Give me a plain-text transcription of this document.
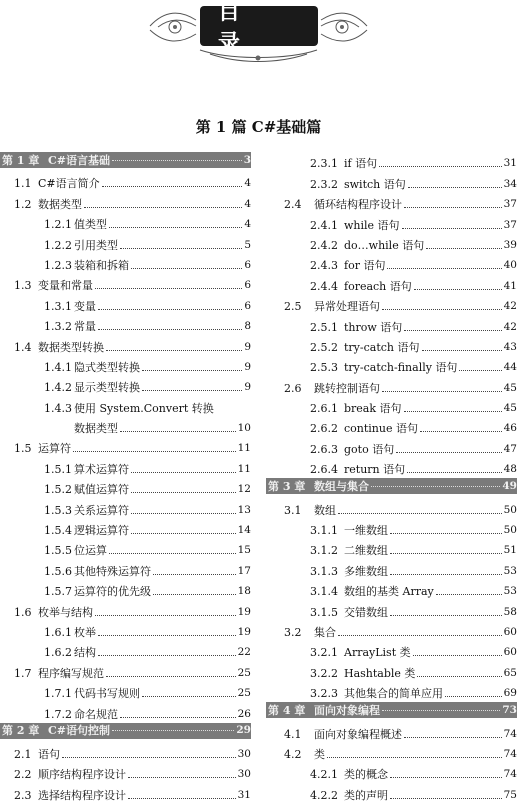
目 录
第 1 篇 C#基础篇
第 1 章 C#语言基础	3
1.1 C#语言简介	4
1.2 数据类型	4
1.2.1 值类型	4
1.2.2 引用类型	5
1.2.3 装箱和拆箱	6
1.3 变量和常量	6
1.3.1 变量	6
1.3.2 常量	8
1.4 数据类型转换	9
1.4.1 隐式类型转换	9
1.4.2 显示类型转换	9
1.4.3 使用 System.Convert 转换
数据类型	10
1.5 运算符	11
1.5.1 算术运算符	11
1.5.2 赋值运算符	12
1.5.3 关系运算符	13
1.5.4 逻辑运算符	14
1.5.5 位运算	15
1.5.6 其他特殊运算符	17
1.5.7 运算符的优先级	18
1.6 枚举与结构	19
1.6.1 枚举	19
1.6.2 结构	22
1.7 程序编写规范	25
1.7.1 代码书写规则	25
1.7.2 命名规范	26
第 2 章 C#语句控制	29
2.1 语句	30
2.2 顺序结构程序设计	30
2.3 选择结构程序设计	31
2.3.1 if 语句	31
2.3.2 switch 语句	34
2.4	循环结构程序设计	37
2.4.1 while 语句	37
2.4.2 do…while 语句	39
2.4.3 for 语句	40
2.4.4 foreach 语句	41
2.5	异常处理语句	42
2.5.1 throw 语句	42
2.5.2 try-catch 语句	43
2.5.3 try-catch-finally 语句	44
2.6	跳转控制语句	45
2.6.1 break 语句	45
2.6.2 continue 语句	46
2.6.3 goto 语句	47
2.6.4 return 语句	48
第 3 章 数组与集合	49
3.1	数组	50
3.1.1 一维数组	50
3.1.2 二维数组	51
3.1.3 多维数组	53
3.1.4 数组的基类 Array	53
3.1.5 交错数组	58
3.2	集合	60
3.2.1 ArrayList 类	60
3.2.2 Hashtable 类	65
3.2.3 其他集合的简单应用	69
第 4 章 面向对象编程	73
4.1	面向对象编程概述	74
4.2	类	74
4.2.1 类的概念	74
4.2.2 类的声明	75
